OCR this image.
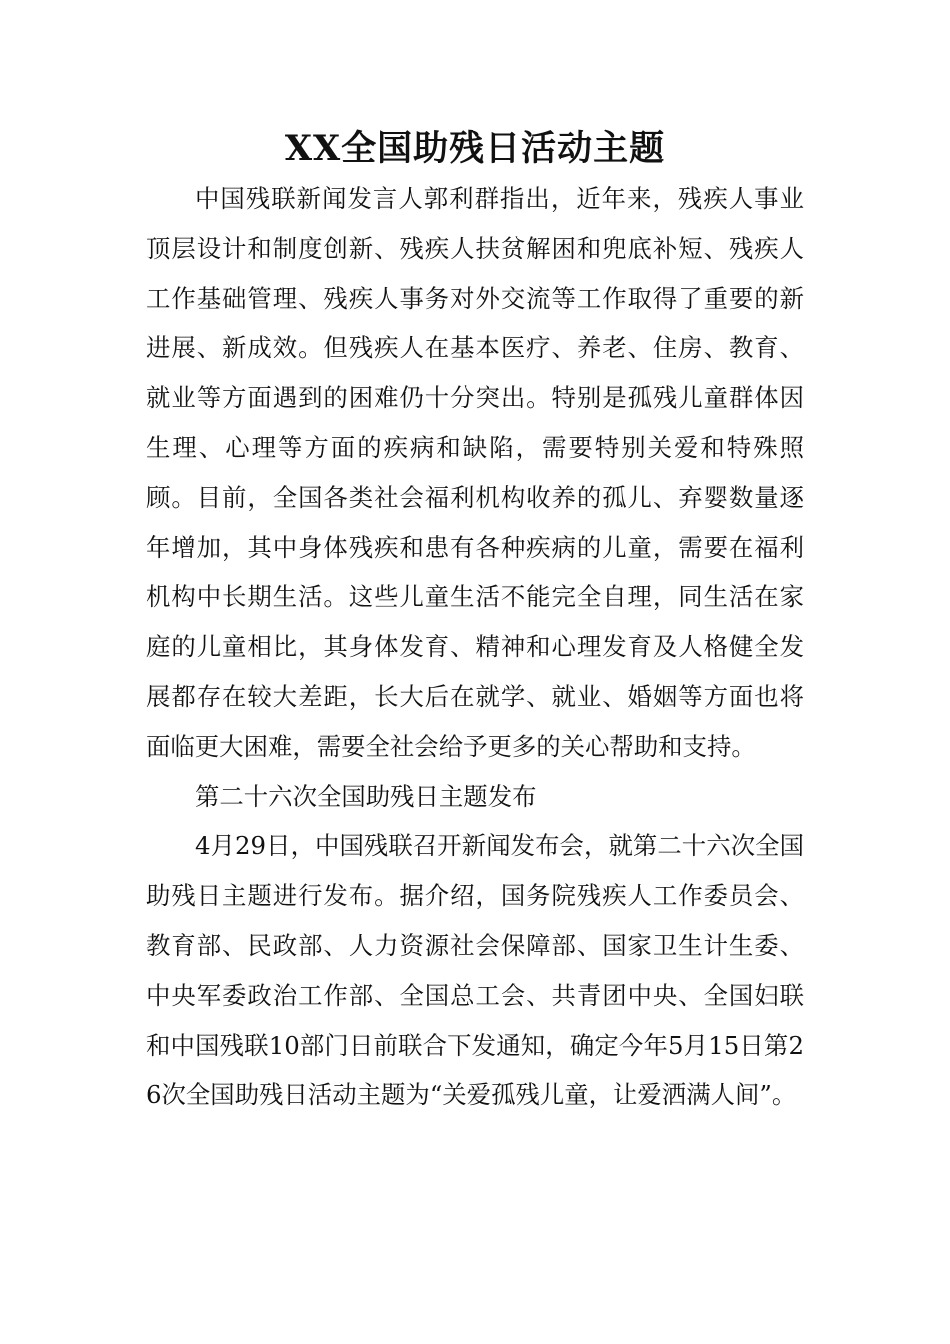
XX全国助残日活动主题

中国残联新闻发言人郭利群指出，近年来，残疾人事业顶层设计和制度创新、残疾人扶贫解困和兜底补短、残疾人工作基础管理、残疾人事务对外交流等工作取得了重要的新进展、新成效。但残疾人在基本医疗、养老、住房、教育、就业等方面遇到的困难仍十分突出。特别是孤残儿童群体因生理、心理等方面的疾病和缺陷，需要特别关爱和特殊照顾。目前，全国各类社会福利机构收养的孤儿、弃婴数量逐年增加，其中身体残疾和患有各种疾病的儿童，需要在福利机构中长期生活。这些儿童生活不能完全自理，同生活在家庭的儿童相比，其身体发育、精神和心理发育及人格健全发展都存在较大差距，长大后在就学、就业、婚姻等方面也将面临更大困难，需要全社会给予更多的关心帮助和支持。

第二十六次全国助残日主题发布

4月29日，中国残联召开新闻发布会，就第二十六次全国助残日主题进行发布。据介绍，国务院残疾人工作委员会、教育部、民政部、人力资源社会保障部、国家卫生计生委、中央军委政治工作部、全国总工会、共青团中央、全国妇联和中国残联10部门日前联合下发通知，确定今年5月15日第26次全国助残日活动主题为“关爱孤残儿童，让爱洒满人间”。
